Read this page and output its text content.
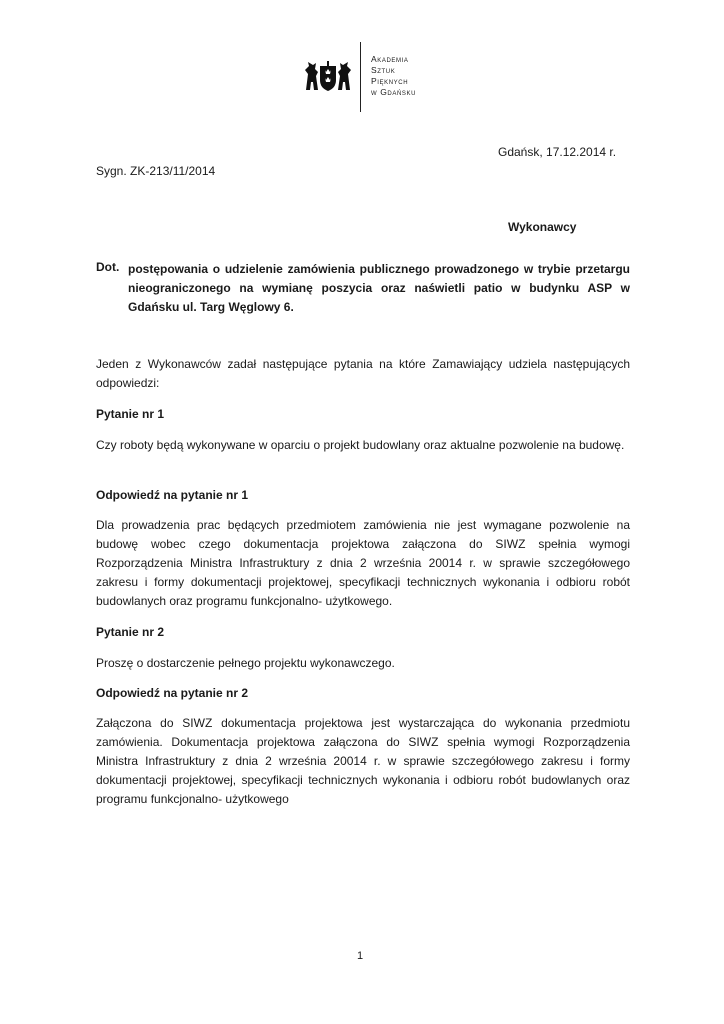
Akademia
Sztuk
Pięknych
w Gdańsku
Gdańsk, 17.12.2014 r.
Sygn. ZK-213/11/2014
Wykonawcy
Dot. postępowania o udzielenie zamówienia publicznego prowadzonego w trybie przetargu nieograniczonego na wymianę poszycia oraz naświetli patio w budynku ASP w Gdańsku ul. Targ Węglowy 6.
Jeden z Wykonawców zadał następujące pytania na które Zamawiający udziela następujących odpowiedzi:
Pytanie nr 1
Czy roboty będą wykonywane w oparciu o projekt budowlany oraz aktualne pozwolenie na budowę.
Odpowiedź na pytanie nr 1
Dla prowadzenia prac będących przedmiotem zamówienia nie jest wymagane pozwolenie na budowę wobec czego dokumentacja projektowa załączona do SIWZ spełnia wymogi Rozporządzenia Ministra Infrastruktury z dnia 2 września 20014 r. w sprawie szczegółowego zakresu i formy dokumentacji projektowej, specyfikacji technicznych wykonania i odbioru robót budowlanych oraz programu funkcjonalno- użytkowego.
Pytanie nr 2
Proszę o dostarczenie pełnego projektu wykonawczego.
Odpowiedź na pytanie nr 2
Załączona do SIWZ dokumentacja projektowa jest wystarczająca do wykonania przedmiotu zamówienia. Dokumentacja projektowa załączona do SIWZ spełnia wymogi Rozporządzenia Ministra Infrastruktury z dnia 2 września 20014 r. w sprawie szczegółowego zakresu i formy dokumentacji projektowej, specyfikacji technicznych wykonania i odbioru robót budowlanych oraz programu funkcjonalno- użytkowego
1
